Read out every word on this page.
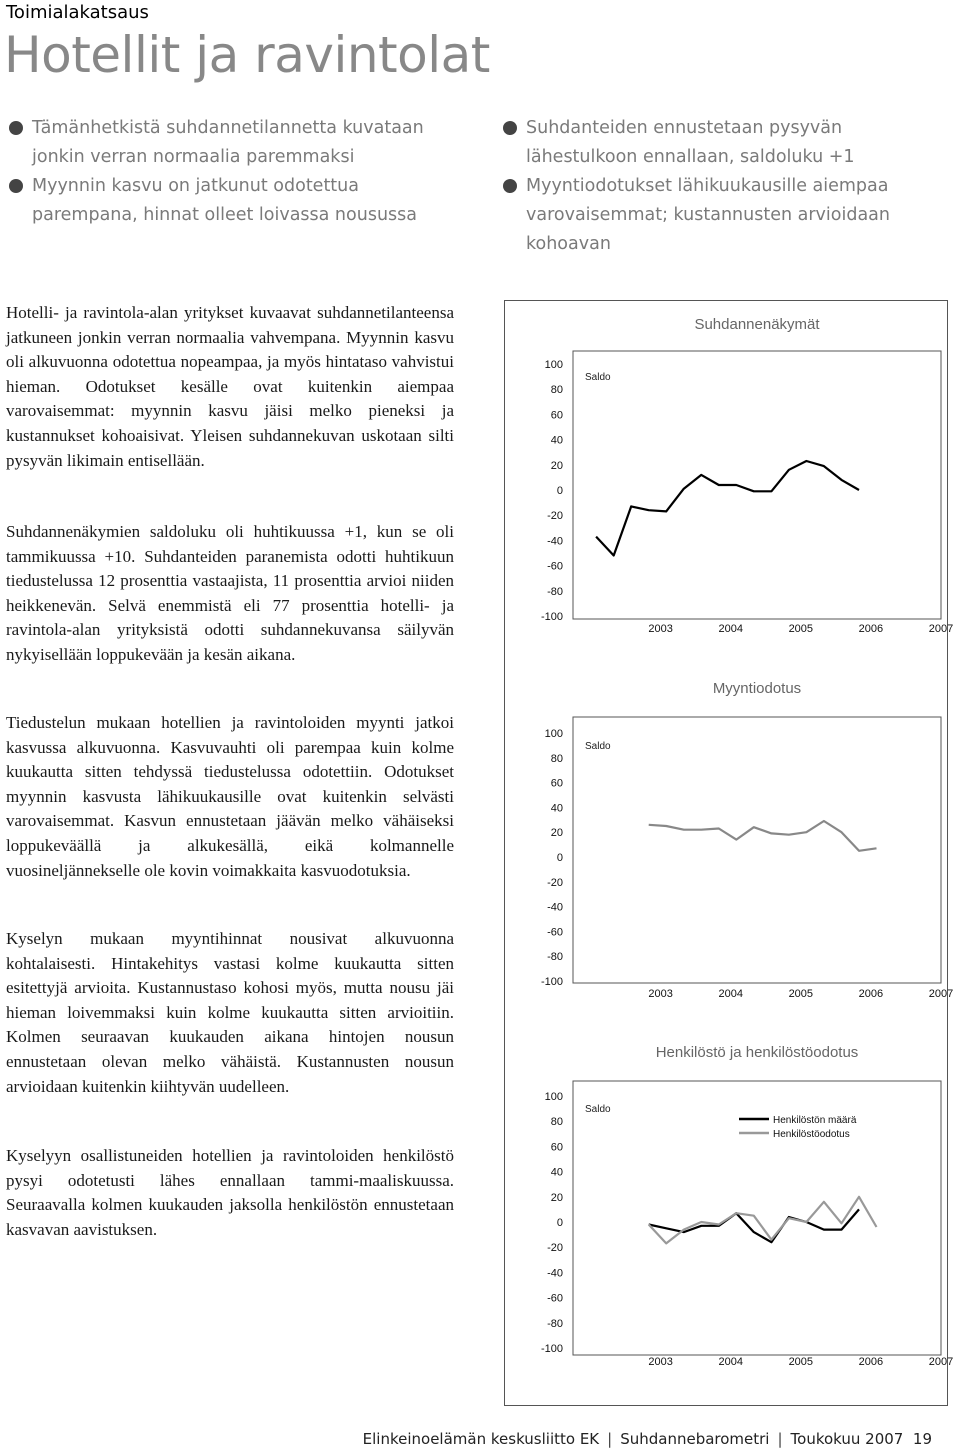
Toimialakatsaus
Hotellit ja ravintolat
Tämänhetkistä suhdannetilannetta kuvataan jonkin verran normaalia paremmaksi
Myynnin kasvu on jatkunut odotettua parempana, hinnat olleet loivassa nousussa
Suhdanteiden ennustetaan pysyvän lähestulkoon ennallaan, saldoluku +1
Myyntiodotukset lähikuukausille aiempaa varovaisemmat; kustannusten arvioidaan kohoavan

Hotelli- ja ravintola-alan yritykset kuvaavat suhdannetilanteensa jatkuneen jonkin verran normaalia vahvempana. Myynnin kasvu oli alkuvuonna odotettua nopeampaa, ja myös hintataso vahvistui hieman. Odotukset kesälle ovat kuitenkin aiempaa varovaisemmat: myynnin kasvu jäisi melko pieneksi ja kustannukset kohoaisivat. Yleisen suhdannekuvan uskotaan silti pysyvän likimain entisellään.

Suhdannenäkymien saldoluku oli huhtikuussa +1, kun se oli tammikuussa +10. Suhdanteiden paranemista odotti huhtikuun tiedustelussa 12 prosenttia vastaajista, 11 prosenttia arvioi niiden heikkenevän. Selvä enemmistä eli 77 prosenttia hotelli- ja ravintola-alan yrityksistä odotti suhdannekuvansa säilyvän nykyisellään loppukevään ja kesän aikana.

Tiedustelun mukaan hotellien ja ravintoloiden myynti jatkoi kasvussa alkuvuonna. Kasvuvauhti oli parempaa kuin kolme kuukautta sitten tehdyssä tiedustelussa odotettiin. Odotukset myynnin kasvusta lähikuukausille ovat kuitenkin selvästi varovaisemmat. Kasvun ennustetaan jäävän melko vähäiseksi loppukeväällä ja alkukesällä, eikä kolmannelle vuosineljännekselle ole kovin voimakkaita kasvuodotuksia.

Kyselyn mukaan myyntihinnat nousivat alkuvuonna kohtalaisesti. Hintakehitys vastasi kolme kuukautta sitten esitettyjä arvioita. Kustannustaso kohosi myös, mutta nousu jäi hieman loivemmaksi kuin kolme kuukautta sitten arvioitiin. Kolmen seuraavan kuukauden aikana hintojen nousun ennustetaan olevan melko vähäistä. Kustannusten nousun arvioidaan kuitenkin kiihtyvän uudelleen.

Kyselyyn osallistuneiden hotellien ja ravintoloiden henkilöstö pysyi odotetusti lähes ennallaan tammi-maaliskuussa. Seuraavalla kolmen kuukauden jaksolla henkilöstön ennustetaan kasvavan aavistuksen.

Suhdannenäkymät
Saldo
100
80
60
40
20
0
-20
-40
-60
-80
-100
2003	2004	2005	2006	2007
Myyntiodotus
Saldo
100
80
60
40
20
0
-20
-40
-60
-80
-100
2003	2004	2005	2006	2007
Henkilöstö ja henkilöstöodotus
Saldo
100
80
60
40
20
0
-20
-40
-60
-80
-100
2003	2004	2005	2006	2007
Henkilöstön määrä
Henkilöstöodotus
Elinkeinoelämän keskusliitto EK | Suhdannebarometri | Toukokuu 2007 19
